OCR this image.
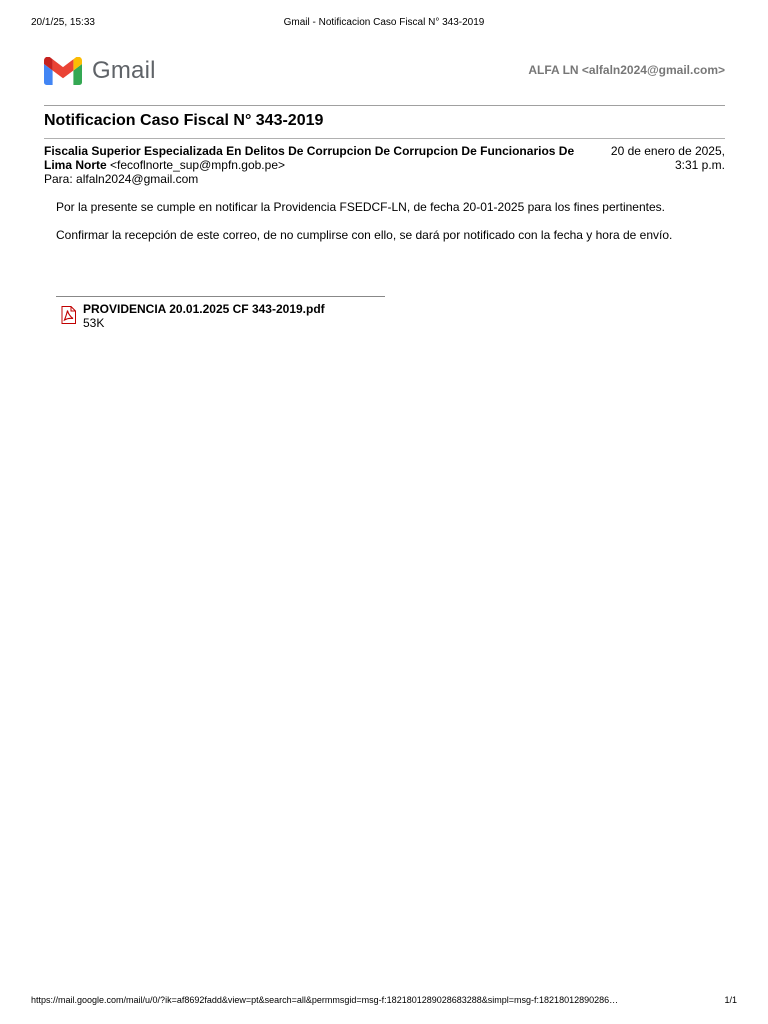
20/1/25, 15:33	Gmail - Notificacion Caso Fiscal N° 343-2019
Gmail	ALFA LN <alfaln2024@gmail.com>
Notificacion Caso Fiscal N° 343-2019
Fiscalia Superior Especializada En Delitos De Corrupcion De Corrupcion De Funcionarios De
Lima Norte <fecoflnorte_sup@mpfn.gob.pe>
20 de enero de 2025,
3:31 p.m.
Para: alfaln2024@gmail.com
Por la presente se cumple en notificar la Providencia FSEDCF-LN, de fecha 20-01-2025 para los fines pertinentes.
Confirmar la recepción de este correo, de no cumplirse con ello, se dará por notificado con la fecha y hora de envío.
PROVIDENCIA 20.01.2025 CF 343-2019.pdf
53K
https://mail.google.com/mail/u/0/?ik=af8692fadd&view=pt&search=all&permmsgid=msg-f:1821801289028683288&simpl=msg-f:18218012890286…	1/1
